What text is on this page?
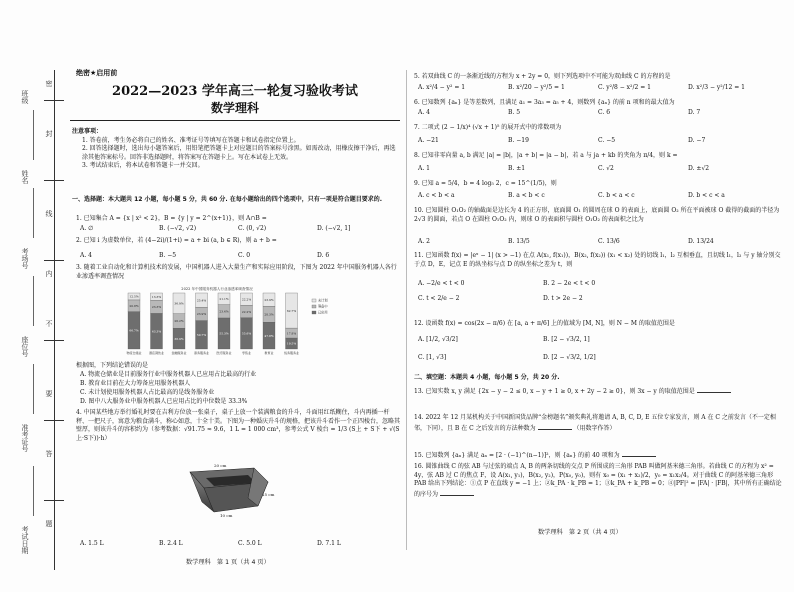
密
封
线
内
不
要
答
题
班级
姓名
考场号
座位号
准考证号
考试日期
绝密★启用前
2022—2023 学年高三一轮复习验收考试
数学理科
注意事项：

1. 答卷前，考生务必将自己的姓名、准考证号等填写在答题卡和试卷指定位置上。

2. 回答选择题时，选出每小题答案后，用铅笔把答题卡上对应题目的答案标号涂黑。如需改动，用橡皮擦干净后，再选涂其他答案标号。回答非选择题时，将答案写在答题卡上。写在本试卷上无效。

3. 考试结束后，将本试卷和答题卡一并交回。

一、选择题：本大题共 12 小题，每小题 5 分，共 60 分. 在每小题给出的四个选项中，只有一项是符合题目要求的.
1. 已知集合 A = {x | x² < 2}，B = {y | y = 2^(x+1)}，则 A∩B =
A. ∅	B. (−√2, √2)	C. (0, √2)	D. (−√2, 1]
2. 已知 i 为虚数单位，若 (4−2i)/(1+i) = a + bi (a, b ∈ R)，则 a + b =
A. 4	B. −5	C. 0	D. 6
3. 随着工业自动化和计算机技术的发展，中国机器人进入大量生产和实际应用阶段，下图为 2022 年中国服务机器人各行业渗透率调查情况
2022 年中国服务机器人行业渗透率调查情况
12.5%
20.8%
66.7%
物流仓储业
13.3%
23.3%
63.3%
酒店餐饮业
36.9%
26.2%
36.9%
金融服务业
25.4%
23.9%
50.7%
商务服务业
21.1%
23.6%
55.3%
医疗服务业
22.2%
22.2%
55.6%
零售业
23.9%
28.3%
47.8%
教育业
62.7%
17.8%
19.5%
线务服务业
未计划
筹备中
已应用
根据图，下列结论错误的是
A. 物流仓储业是目前服务行业中服务机器人已应用占比最高的行业
B. 教育业目前在大力筹备应用服务机器人
C. 未计划使用服务机器人占比最高的是线务服务业
D. 图中八大服务业中服务机器人已应用占比的中位数是 33.3%
4. 中国某些地方举行婚礼时要在吉利方位放一张桌子，桌子上放一个装满粮食的升斗，斗面用红纸糊住，斗内再插一杆秤、一把尺子，寓意为粮食满斗，称心如意，十全十美。下图为一种婚庆升斗的规格，把该升斗看作一个正四棱台，忽略其壁厚，则该升斗的容积约为（参考数据：√91.75 ≈ 9.6，1 L = 1 000 cm³，参考公式 V 棱台 = 1/3 (S上 + S下 + √(S上·S下))·h）
20 cm
10 cm
15 cm
A. 1.5 L	B. 2.4 L	C. 5.0 L	D. 7.1 L
数学理科　第 1 页（共 4 页）
5. 若双曲线 C 的一条渐近线的方程为 x + 2y = 0，则下列选项中不可能为双曲线 C 的方程的是
A. x²/4 − y² = 1	B. x²/20 − y²/5 = 1	C. y²/8 − x²/2 = 1	D. x²/3 − y²/12 = 1
6. 已知数列 {aₙ} 是等差数列，且满足 a₁ = 3a₃ = a₅ + 4，则数列 {aₙ} 的前 n 项和的最大值为
A. 4	B. 5	C. 6	D. 7
7. 二项式 (2 − 1/x)⁴ (√x + 1)⁵ 的展开式中的常数项为
A. −21	B. −19	C. −5	D. −7
8. 已知非零向量 a, b 满足 |a| = |b|，|a + b| = |a − b|，若 a 与 ja + kb 的夹角为 π/4，则 k =
A. 1	B. ±1	C. √2	D. ±√2
9. 已知 a = 5/4，b = 4 log₅ 2，c = 15^(1/5)，则
A. c < b < a	B. a < b < c	C. b < a < c	D. b < c < a
10. 已知圆柱 O₁O₂ 的轴截面是边长为 4 的正方形，底面圆 O₁ 的圆周在球 O 的表面上，底面圆 O₂ 所在平面被球 O 截得的截面的半径为 2√3 的圆面，若点 O 在圆柱 O₁O₂ 内，则球 O 的表面积与圆柱 O₁O₂ 的表面积之比为
A. 2	B. 13/5	C. 13/6	D. 13/24
11. 已知函数 f(x) = |eˣ − 1| (x > −1) 在点 A(x₁, f(x₁))，B(x₂, f(x₂)) (x₁ < x₂) 处的切线 l₁，l₂ 互相垂直，且切线 l₁，l₂ 与 y 轴分别交于点 D，E，记点 E 的纵坐标与点 D 的纵坐标之差为 t，则
A. −2/e < t < 0	B. 2 − 2e < t < 0
C. t < 2/e − 2	D. t > 2e − 2
12. 设函数 f(x) = cos(2x − π/6) 在 [a, a + π/6] 上的值域为 [M, N]，则 N − M 的取值范围是
A. [1/2, √3/2]	B. [2 − √3/2, 1]
C. [1, √3]	D. [2 − √3/2, 1/2]
二、填空题：本题共 4 小题，每小题 5 分，共 20 分.
13. 已知实数 x, y 满足 {2x − y − 2 ≤ 0, x − y + 1 ≥ 0, x + 2y − 2 ≥ 0}，则 3x − y 的取值范围是
14. 2022 年 12 月某机构关于中国新国货品牌“金榜题名”颁奖典礼将邀请 A, B, C, D, E 五位专家发言，则 A 在 C 之前发言（不一定相邻，下同），且 B 在 C 之后发言的方法种数为	（用数字作答）
15. 已知数列 {aₙ} 满足 aₙ = [2 · (−1)^(n−1)]²，则 {aₙ} 的前 40 项和为
16. 圆锥曲线 C 的弦 AB 与过弦的端点 A, B 的两条切线的交点 P 所围成的三角形 PAB 叫做阿基米德三角形。若曲线 C 的方程为 x² = 4y，弦 AB 过 C 的焦点 F，设 A(x₁, y₁)，B(x₂, y₂)，P(x₀, y₀)，则有 x₀ = (x₁ + x₂)/2，y₀ = x₁x₂/4。对于曲线 C 的阿基米德三角形 PAB 给出下列结论：①点 P 在直线 y = −1 上；②k_PA · k_PB = 1；③k_PA + k_PB = 0；④|PF|² = |FA| · |FB|，其中所有正确结论的序号为
数学理科　第 2 页（共 4 页）
